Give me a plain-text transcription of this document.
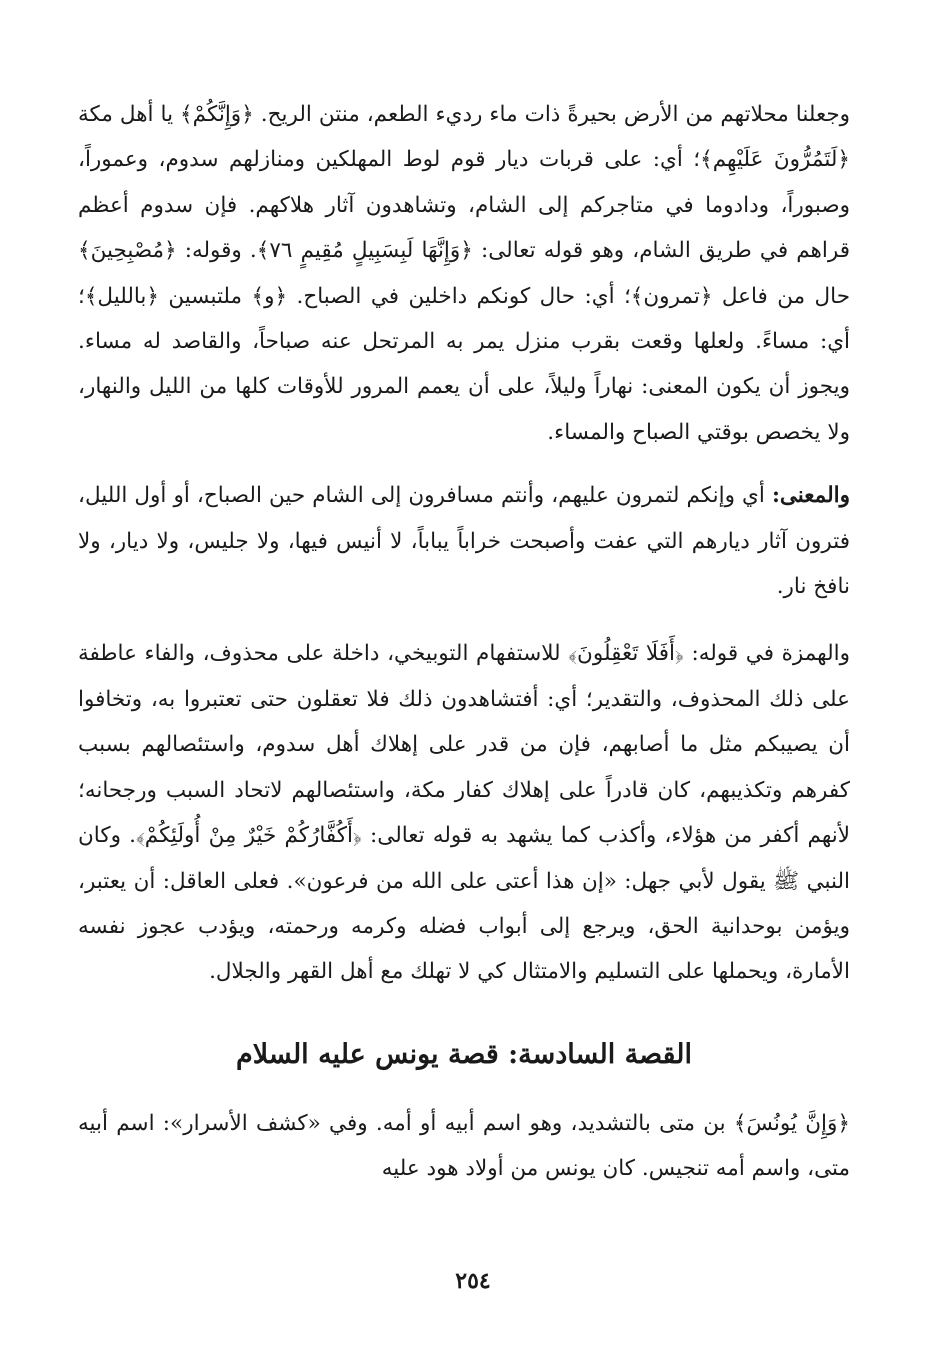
وجعلنا محلاتهم من الأرض بحيرةً ذات ماء رديء الطعم، منتن الريح. ﴿وَإِنَّكُمْ﴾ يا أهل مكة ﴿لَتَمُرُّونَ عَلَيْهِم﴾؛ أي: على قربات ديار قوم لوط المهلكين ومنازلهم سدوم، وعموراً، وصبوراً، ودادوما في متاجركم إلى الشام، وتشاهدون آثار هلاكهم. فإن سدوم أعظم قراهم في طريق الشام، وهو قوله تعالى: ﴿وَإِنَّهَا لَبِسَبِيلٍ مُقِيمٍ ٧٦﴾. وقوله: ﴿مُصْبِحِينَ﴾ حال من فاعل ﴿تمرون﴾؛ أي: حال كونكم داخلين في الصباح. ﴿و﴾ ملتبسين ﴿بالليل﴾؛ أي: مساءً. ولعلها وقعت بقرب منزل يمر به المرتحل عنه صباحاً، والقاصد له مساء. ويجوز أن يكون المعنى: نهاراً وليلاً، على أن يعمم المرور للأوقات كلها من الليل والنهار، ولا يخصص بوقتي الصباح والمساء.

والمعنى: أي وإنكم لتمرون عليهم، وأنتم مسافرون إلى الشام حين الصباح، أو أول الليل، فترون آثار ديارهم التي عفت وأصبحت خراباً يباباً، لا أنيس فيها، ولا جليس، ولا ديار، ولا نافخ نار.

والهمزة في قوله: ﴿أَفَلَا تَعْقِلُونَ﴾ للاستفهام التوبيخي، داخلة على محذوف، والفاء عاطفة على ذلك المحذوف، والتقدير؛ أي: أفتشاهدون ذلك فلا تعقلون حتى تعتبروا به، وتخافوا أن يصيبكم مثل ما أصابهم، فإن من قدر على إهلاك أهل سدوم، واستئصالهم بسبب كفرهم وتكذيبهم، كان قادراً على إهلاك كفار مكة، واستئصالهم لاتحاد السبب ورجحانه؛ لأنهم أكفر من هؤلاء، وأكذب كما يشهد به قوله تعالى: ﴿أَكُفَّارُكُمْ خَيْرٌ مِنْ أُولَئِكُمْ﴾. وكان النبي ﷺ يقول لأبي جهل: «إن هذا أعتى على الله من فرعون». فعلى العاقل: أن يعتبر، ويؤمن بوحدانية الحق، ويرجع إلى أبواب فضله وكرمه ورحمته، ويؤدب عجوز نفسه الأمارة، ويحملها على التسليم والامتثال كي لا تهلك مع أهل القهر والجلال.

القصة السادسة: قصة يونس عليه السلام

﴿وَإِنَّ يُونُسَ﴾ بن متى بالتشديد، وهو اسم أبيه أو أمه. وفي «كشف الأسرار»: اسم أبيه متى، واسم أمه تنجيس. كان يونس من أولاد هود عليه

٢٥٤
